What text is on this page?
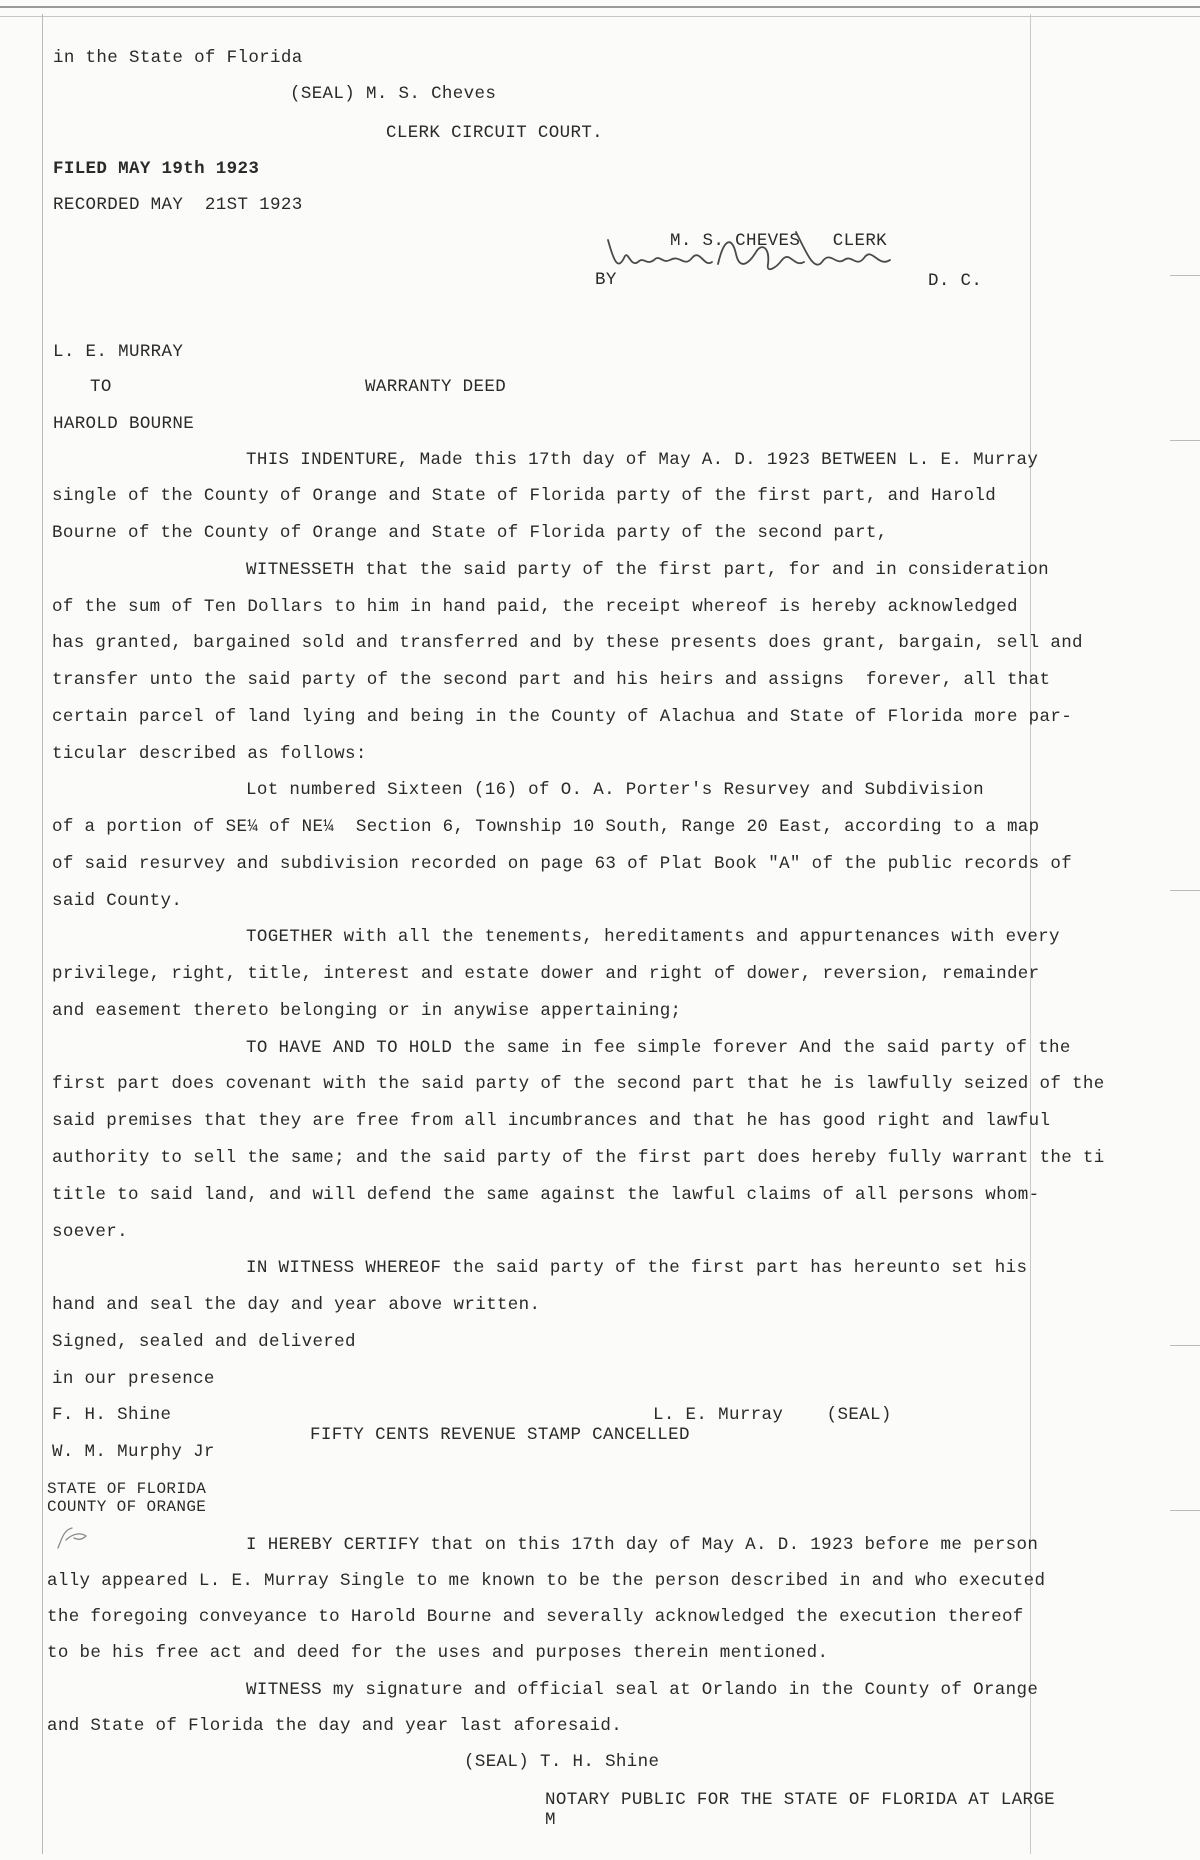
in the State of Florida
(SEAL) M. S. Cheves
CLERK CIRCUIT COURT.
FILED MAY 19th 1923
RECORDED MAY  21ST 1923
M. S. CHEVES   CLERK
BY	D. C.
L. E. MURRAY
TO	WARRANTY DEED
HAROLD BOURNE
THIS INDENTURE, Made this 17th day of May A. D. 1923 BETWEEN L. E. Murray
single of the County of Orange and State of Florida party of the first part, and Harold
Bourne of the County of Orange and State of Florida party of the second part,
WITNESSETH that the said party of the first part, for and in consideration
of the sum of Ten Dollars to him in hand paid, the receipt whereof is hereby acknowledged
has granted, bargained sold and transferred and by these presents does grant, bargain, sell and
transfer unto the said party of the second part and his heirs and assigns  forever, all that
certain parcel of land lying and being in the County of Alachua and State of Florida more par-
ticular described as follows:
Lot numbered Sixteen (16) of O. A. Porter's Resurvey and Subdivision
of a portion of SE¼ of NE¼  Section 6, Township 10 South, Range 20 East, according to a map
of said resurvey and subdivision recorded on page 63 of Plat Book "A" of the public records of
said County.
TOGETHER with all the tenements, hereditaments and appurtenances with every
privilege, right, title, interest and estate dower and right of dower, reversion, remainder
and easement thereto belonging or in anywise appertaining;
TO HAVE AND TO HOLD the same in fee simple forever And the said party of the
first part does covenant with the said party of the second part that he is lawfully seized of the
said premises that they are free from all incumbrances and that he has good right and lawful
authority to sell the same; and the said party of the first part does hereby fully warrant the ti
title to said land, and will defend the same against the lawful claims of all persons whom-
soever.
IN WITNESS WHEREOF the said party of the first part has hereunto set his
hand and seal the day and year above written.
Signed, sealed and delivered
in our presence
F. H. Shine	L. E. Murray    (SEAL)
FIFTY CENTS REVENUE STAMP CANCELLED
W. M. Murphy Jr
STATE OF FLORIDA
COUNTY OF ORANGE
I HEREBY CERTIFY that on this 17th day of May A. D. 1923 before me person
ally appeared L. E. Murray Single to me known to be the person described in and who executed
the foregoing conveyance to Harold Bourne and severally acknowledged the execution thereof
to be his free act and deed for the uses and purposes therein mentioned.
WITNESS my signature and official seal at Orlando in the County of Orange
and State of Florida the day and year last aforesaid.
(SEAL) T. H. Shine
NOTARY PUBLIC FOR THE STATE OF FLORIDA AT LARGE
M
